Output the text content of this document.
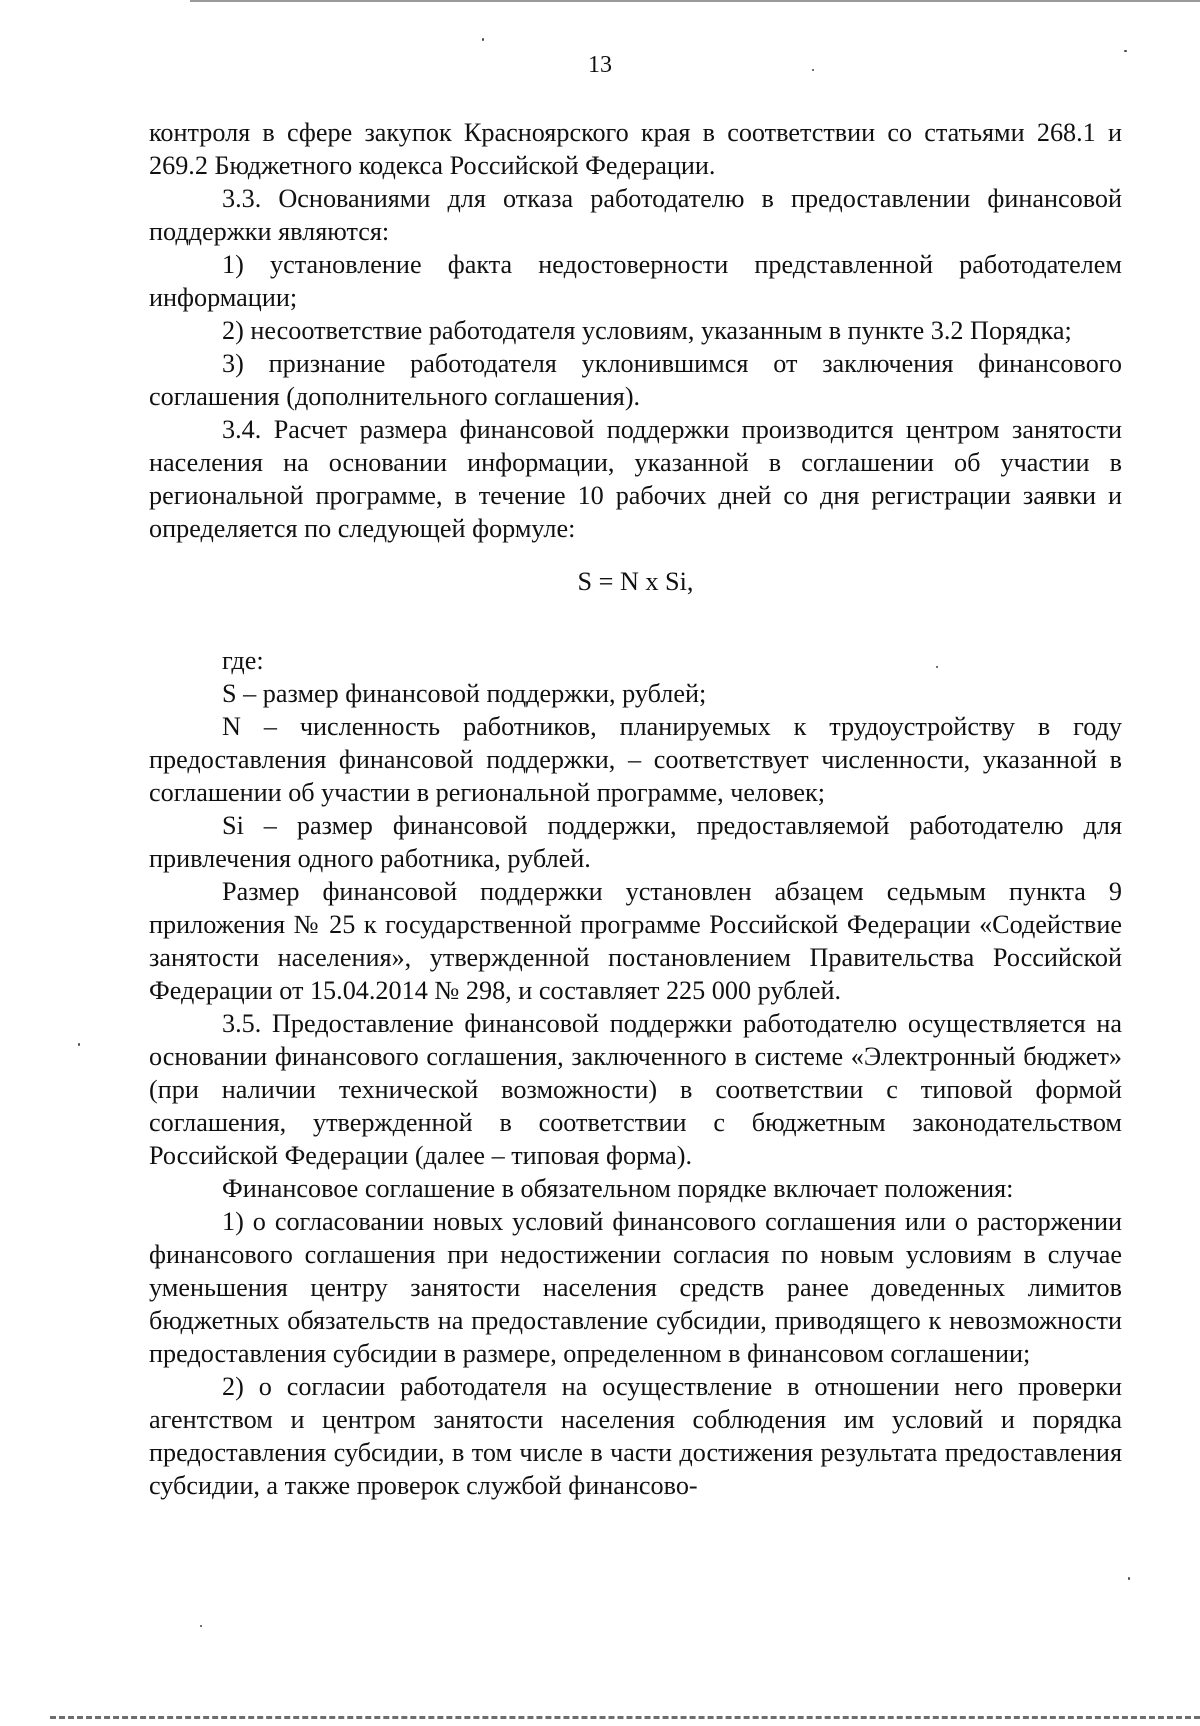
13

контроля в сфере закупок Красноярского края в соответствии со статьями 268.1 и 269.2 Бюджетного кодекса Российской Федерации.

3.3. Основаниями для отказа работодателю в предоставлении финансовой поддержки являются:

1) установление факта недостоверности представленной работодателем информации;

2) несоответствие работодателя условиям, указанным в пункте 3.2 Порядка;

3) признание работодателя уклонившимся от заключения финансового соглашения (дополнительного соглашения).

3.4. Расчет размера финансовой поддержки производится центром занятости населения на основании информации, указанной в соглашении об участии в региональной программе, в течение 10 рабочих дней со дня регистрации заявки и определяется по следующей формуле:

S = N x Si,

где:

S – размер финансовой поддержки, рублей;

N – численность работников, планируемых к трудоустройству в году предоставления финансовой поддержки, – соответствует численности, указанной в соглашении об участии в региональной программе, человек;

Si – размер финансовой поддержки, предоставляемой работодателю для привлечения одного работника, рублей.

Размер финансовой поддержки установлен абзацем седьмым пункта 9 приложения № 25 к государственной программе Российской Федерации «Содействие занятости населения», утвержденной постановлением Правительства Российской Федерации от 15.04.2014 № 298, и составляет 225 000 рублей.

3.5. Предоставление финансовой поддержки работодателю осуществляется на основании финансового соглашения, заключенного в системе «Электронный бюджет» (при наличии технической возможности) в соответствии с типовой формой соглашения, утвержденной в соответствии с бюджетным законодательством Российской Федерации (далее – типовая форма).

Финансовое соглашение в обязательном порядке включает положения:

1) о согласовании новых условий финансового соглашения или о расторжении финансового соглашения при недостижении согласия по новым условиям в случае уменьшения центру занятости населения средств ранее доведенных лимитов бюджетных обязательств на предоставление субсидии, приводящего к невозможности предоставления субсидии в размере, определенном в финансовом соглашении;

2) о согласии работодателя на осуществление в отношении него проверки агентством и центром занятости населения соблюдения им условий и порядка предоставления субсидии, в том числе в части достижения результата предоставления субсидии, а также проверок службой финансово-
